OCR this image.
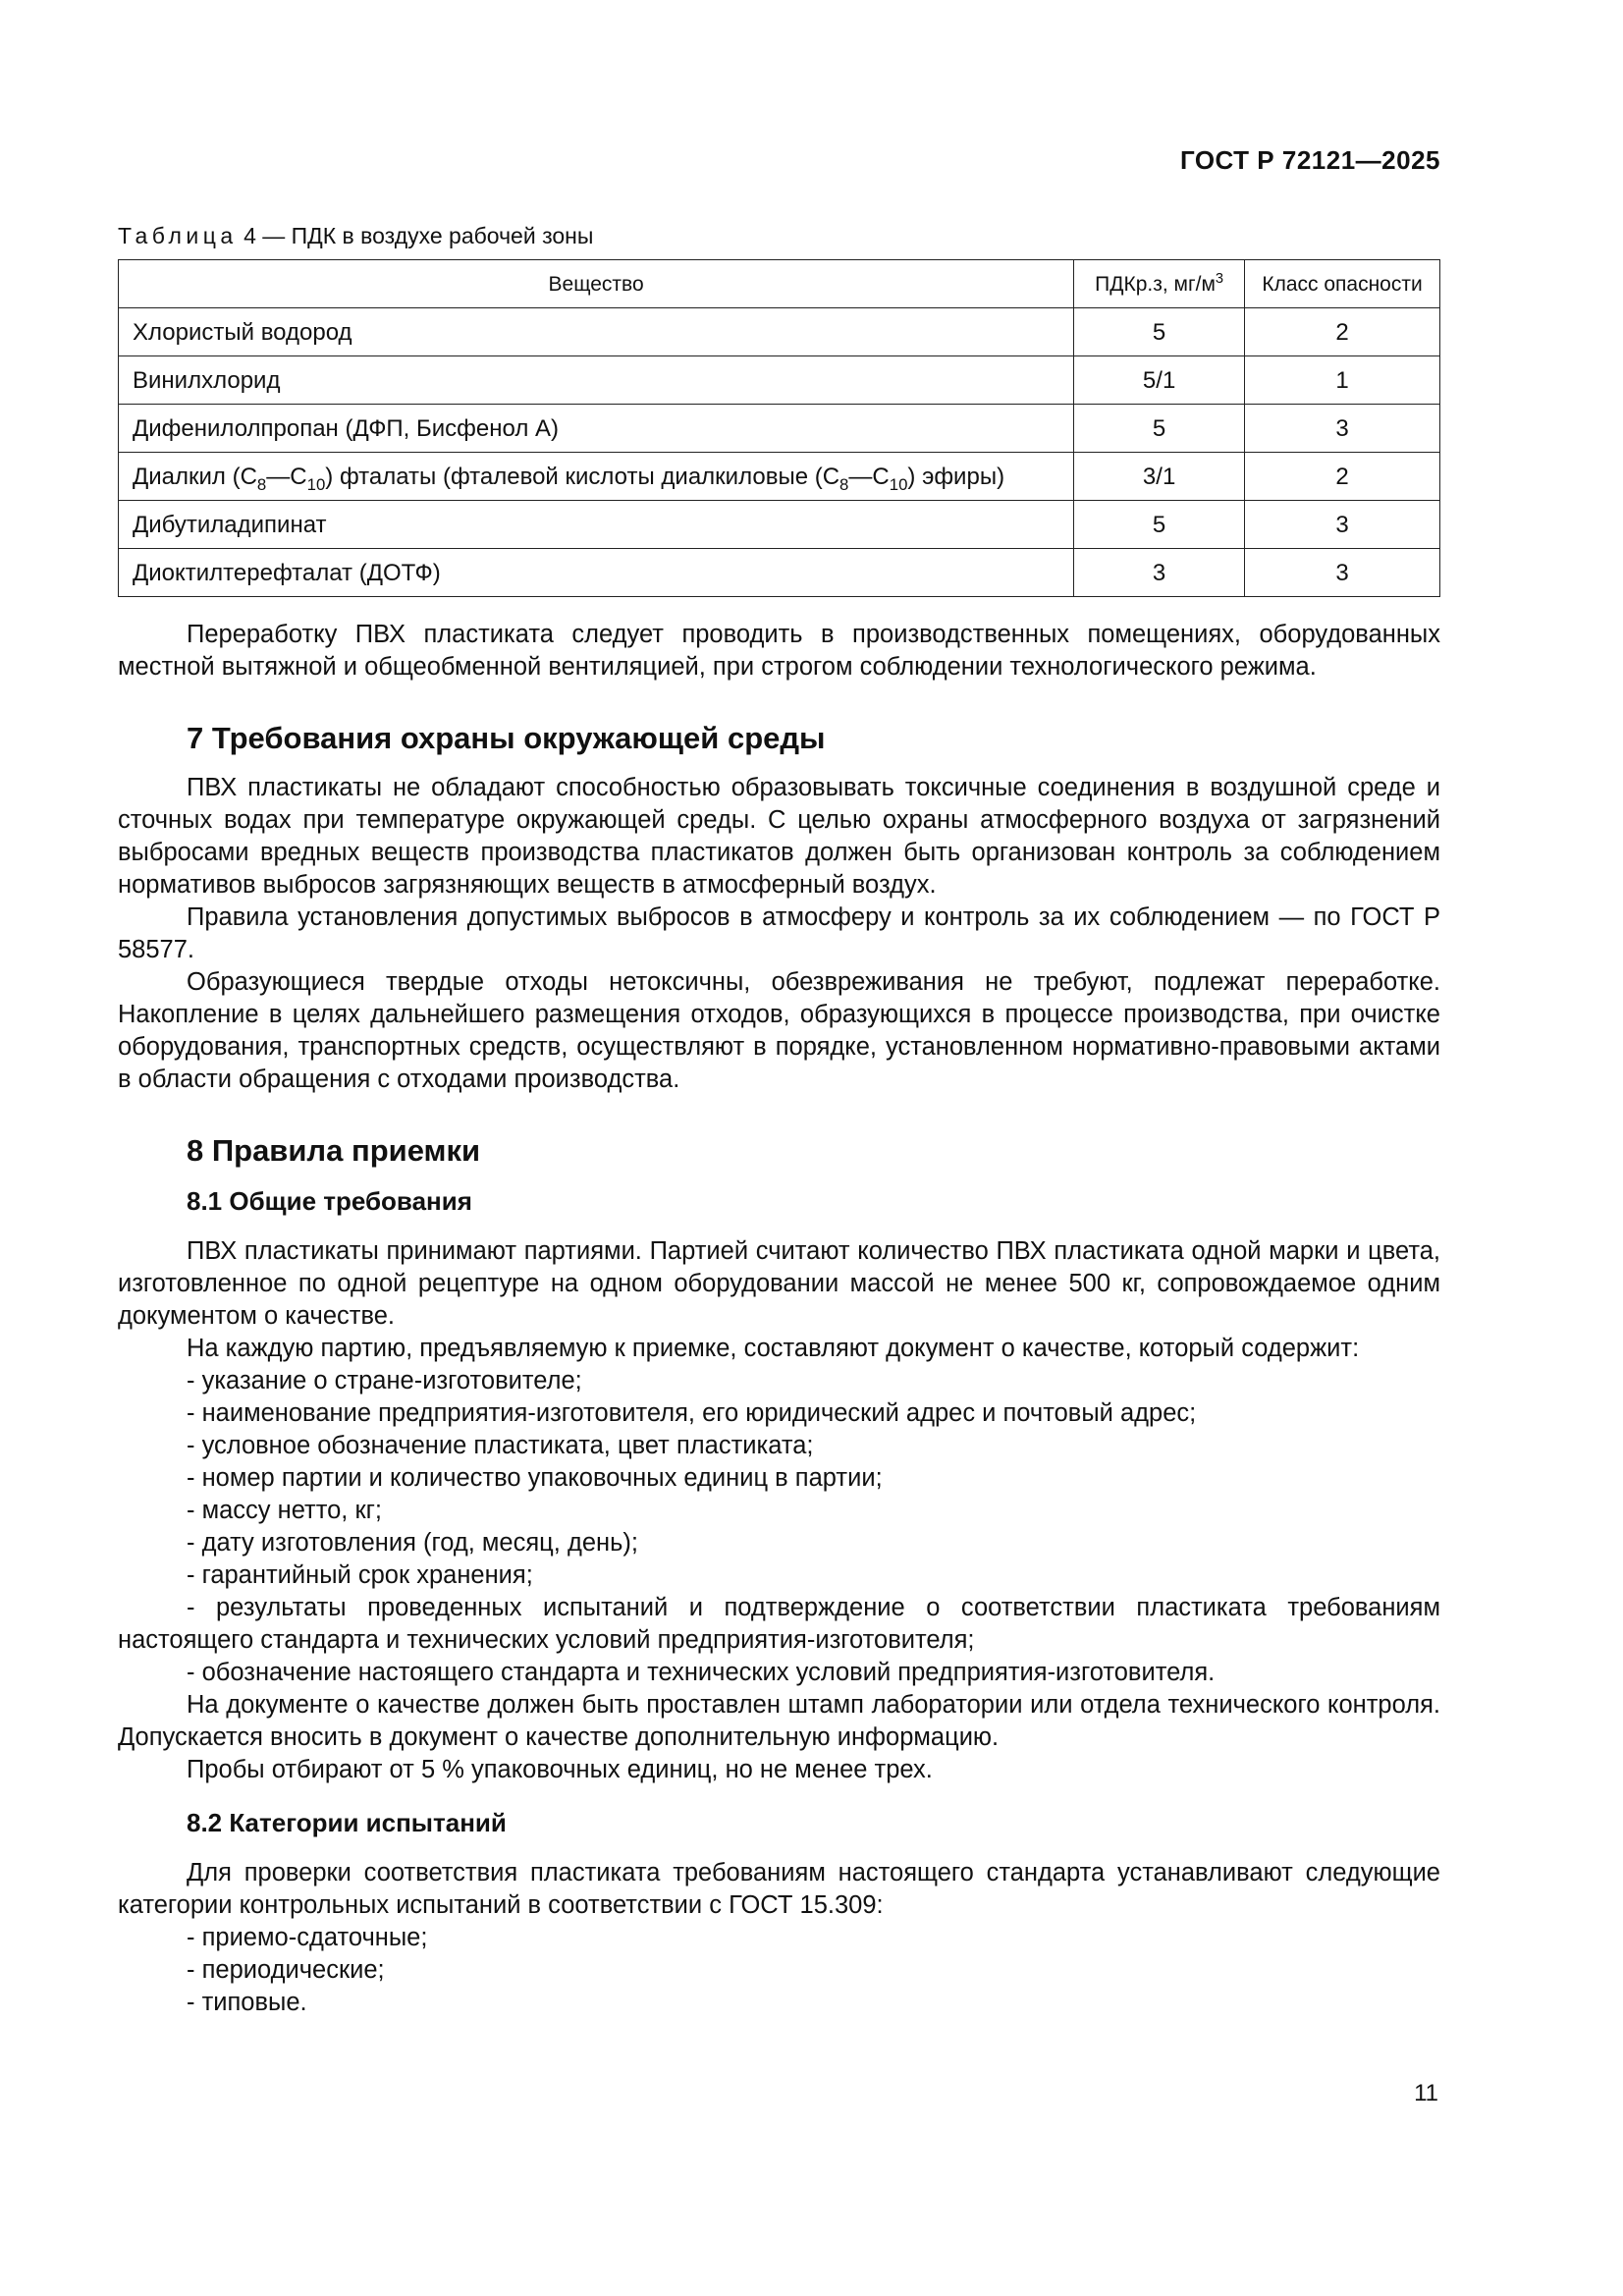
ГОСТ Р 72121—2025
Таблица 4 — ПДК в воздухе рабочей зоны
Вещество	ПДКр.з, $мг/м^3$	Класс опасности
Хлористый водород	5	2
Винилхлорид	5/1	1
Дифенилолпропан (ДФП, Бисфенол А)	5	3
Диалкил $(C_8—C_{10})$ фталаты (фталевой кислоты диалкиловые $(C_8—C_{10})$ эфиры)	3/1	2
Дибутиладипинат	5	3
Диоктилтерефталат (ДОТФ)	3	3

Переработку ПВХ пластиката следует проводить в производственных помещениях, оборудованных местной вытяжной и общеобменной вентиляцией, при строгом соблюдении технологического режима.

7 Требования охраны окружающей среды

ПВХ пластикаты не обладают способностью образовывать токсичные соединения в воздушной среде и сточных водах при температуре окружающей среды. С целью охраны атмосферного воздуха от загрязнений выбросами вредных веществ производства пластикатов должен быть организован контроль за соблюдением нормативов выбросов загрязняющих веществ в атмосферный воздух.

Правила установления допустимых выбросов в атмосферу и контроль за их соблюдением — по ГОСТ Р 58577.

Образующиеся твердые отходы нетоксичны, обезвреживания не требуют, подлежат переработке. Накопление в целях дальнейшего размещения отходов, образующихся в процессе производства, при очистке оборудования, транспортных средств, осуществляют в порядке, установленном нормативно-правовыми актами в области обращения с отходами производства.

8 Правила приемки
8.1 Общие требования

ПВХ пластикаты принимают партиями. Партией считают количество ПВХ пластиката одной марки и цвета, изготовленное по одной рецептуре на одном оборудовании массой не менее 500 кг, сопровождаемое одним документом о качестве.

На каждую партию, предъявляемую к приемке, составляют документ о качестве, который содержит:

- указание о стране-изготовителе;

- наименование предприятия-изготовителя, его юридический адрес и почтовый адрес;

- условное обозначение пластиката, цвет пластиката;

- номер партии и количество упаковочных единиц в партии;

- массу нетто, кг;

- дату изготовления (год, месяц, день);

- гарантийный срок хранения;

- результаты проведенных испытаний и подтверждение о соответствии пластиката требованиям настоящего стандарта и технических условий предприятия-изготовителя;

- обозначение настоящего стандарта и технических условий предприятия-изготовителя.

На документе о качестве должен быть проставлен штамп лаборатории или отдела технического контроля. Допускается вносить в документ о качестве дополнительную информацию.

Пробы отбирают от 5 % упаковочных единиц, но не менее трех.

8.2 Категории испытаний

Для проверки соответствия пластиката требованиям настоящего стандарта устанавливают следующие категории контрольных испытаний в соответствии с ГОСТ 15.309:

- приемо-сдаточные;

- периодические;

- типовые.

11
